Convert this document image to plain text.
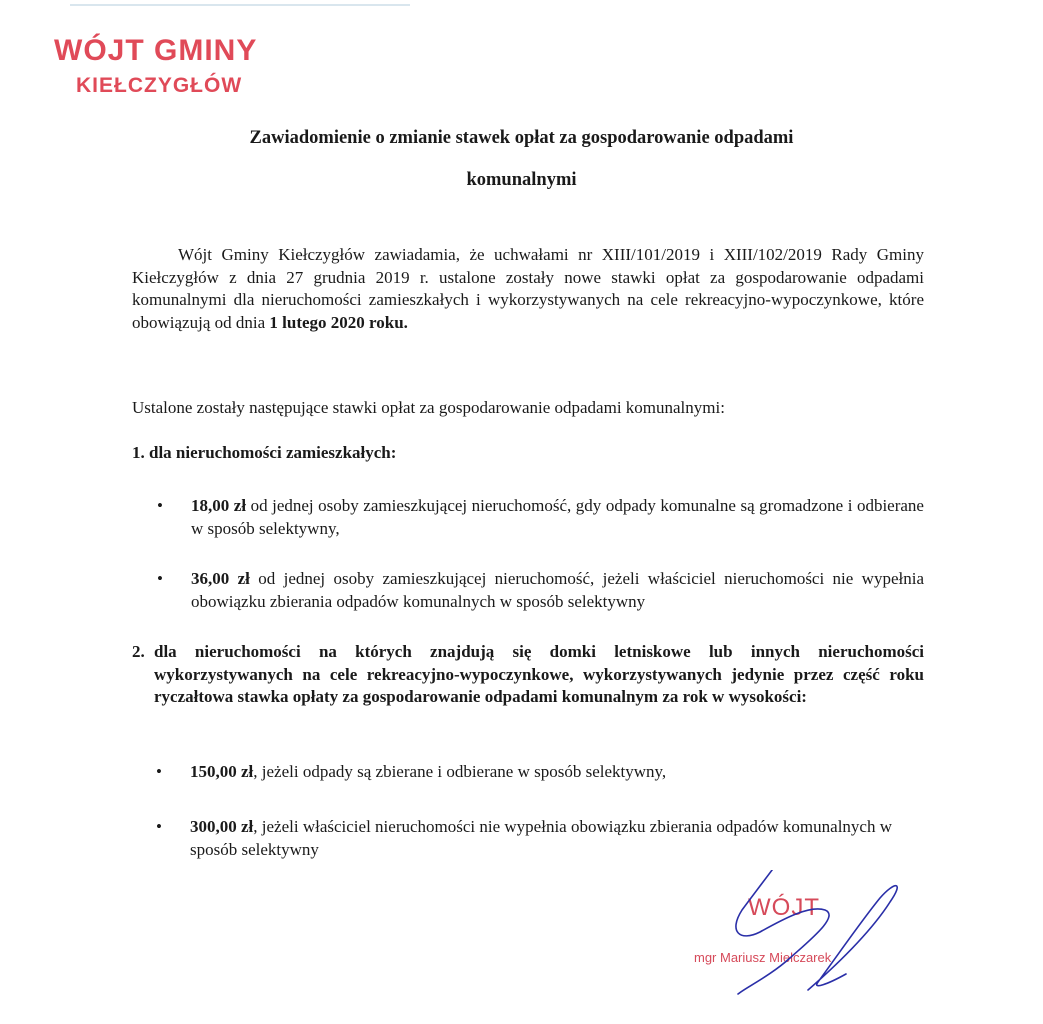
WÓJT GMINY
KIEŁCZYGŁÓW
Zawiadomienie o zmianie stawek opłat za gospodarowanie odpadami
komunalnymi

Wójt Gminy Kiełczygłów zawiadamia, że uchwałami nr XIII/101/2019 i XIII/102/2019 Rady Gminy Kiełczygłów z dnia 27 grudnia 2019 r. ustalone zostały nowe stawki opłat za gospodarowanie odpadami komunalnymi dla nieruchomości zamieszkałych i wykorzystywanych na cele rekreacyjno-wypoczynkowe, które obowiązują od dnia 1 lutego 2020 roku.

Ustalone zostały następujące stawki opłat za gospodarowanie odpadami komunalnymi:
1. dla nieruchomości zamieszkałych:
• 18,00 zł od jednej osoby zamieszkującej nieruchomość, gdy odpady komunalne są gromadzone i odbierane w sposób selektywny,
• 36,00 zł od jednej osoby zamieszkującej nieruchomość, jeżeli właściciel nieruchomości nie wypełnia obowiązku zbierania odpadów komunalnych w sposób selektywny
2. dla nieruchomości na których znajdują się domki letniskowe lub innych nieruchomości wykorzystywanych na cele rekreacyjno-wypoczynkowe, wykorzystywanych jedynie przez część roku ryczałtowa stawka opłaty za gospodarowanie odpadami komunalnym za rok w wysokości:
• 150,00 zł, jeżeli odpady są zbierane i odbierane w sposób selektywny,
• 300,00 zł, jeżeli właściciel nieruchomości nie wypełnia obowiązku zbierania odpadów komunalnych w sposób selektywny
WÓJT
mgr Mariusz Mielczarek
